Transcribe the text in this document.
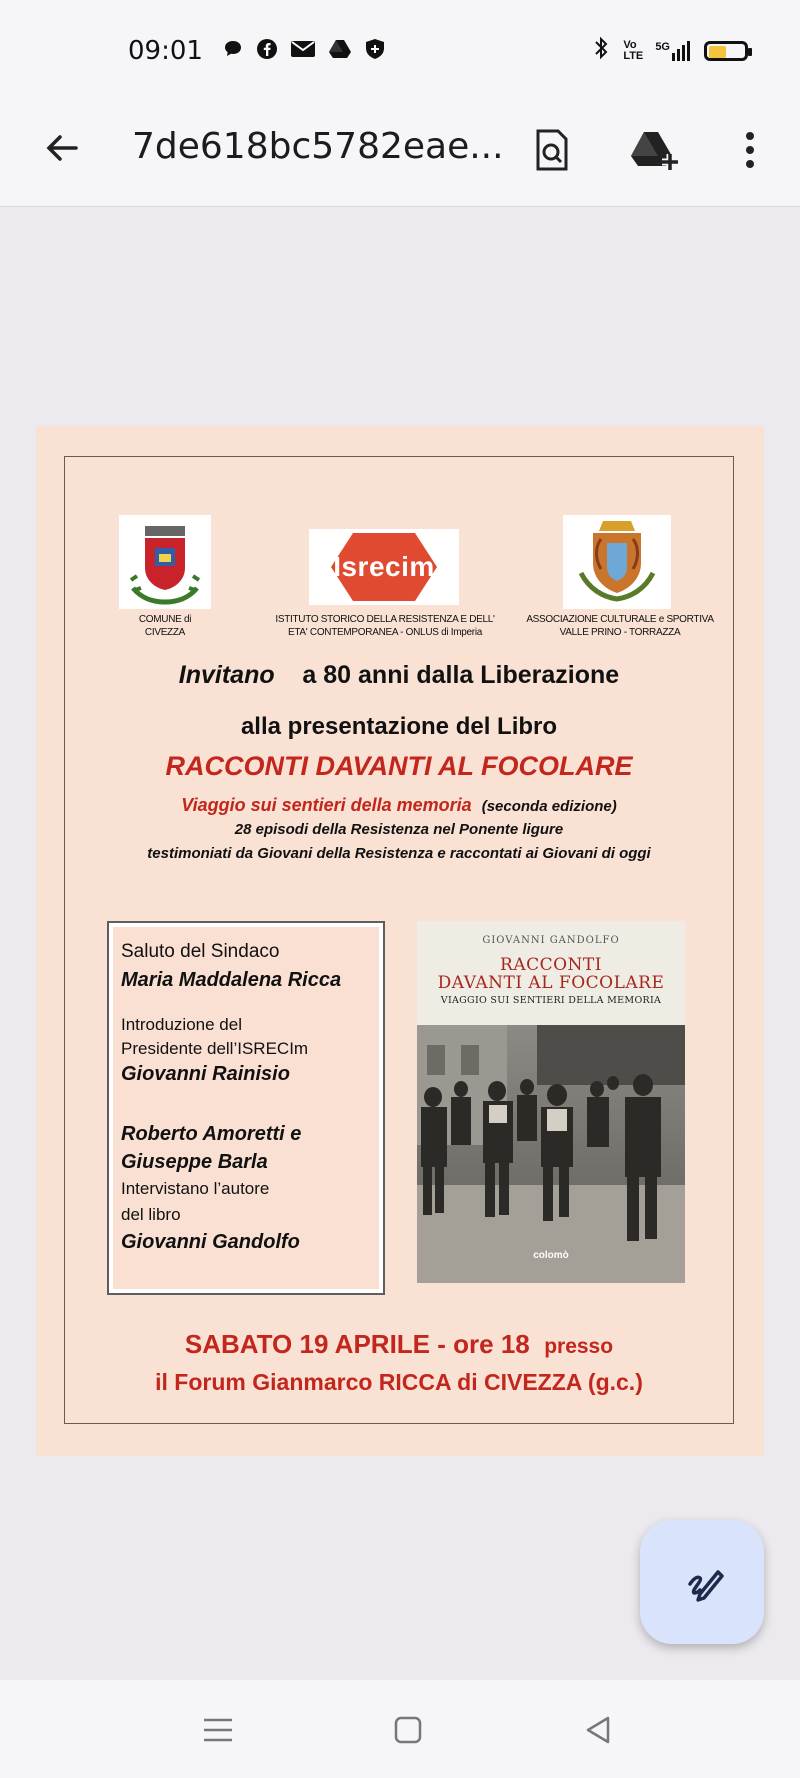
09:01	Vo LTE
5G
7de618bc5782eae...
COMUNE di
CIVEZZA
Isrecim
ISTITUTO STORICO DELLA RESISTENZA E DELL'
ETA' CONTEMPORANEA - ONLUS di Imperia
ASSOCIAZIONE CULTURALE e SPORTIVA
VALLE PRINO - TORRAZZA
Invitano a 80 anni dalla Liberazione
alla presentazione del Libro
RACCONTI DAVANTI AL FOCOLARE
Viaggio sui sentieri della memoria (seconda edizione)
28 episodi della Resistenza nel Ponente ligure
testimoniati da Giovani della Resistenza e raccontati ai Giovani di oggi
Saluto del Sindaco
Maria Maddalena Ricca
Introduzione del
Presidente dell’ISRECIm
Giovanni Rainisio
Roberto Amoretti e
Giuseppe Barla
Intervistano l’autore
del libro
Giovanni Gandolfo
GIOVANNI GANDOLFO
RACCONTI
DAVANTI AL FOCOLARE
VIAGGIO SUI SENTIERI DELLA MEMORIA
colomò
SABATO 19 APRILE - ore 18 presso
il Forum Gianmarco RICCA di CIVEZZA (g.c.)
